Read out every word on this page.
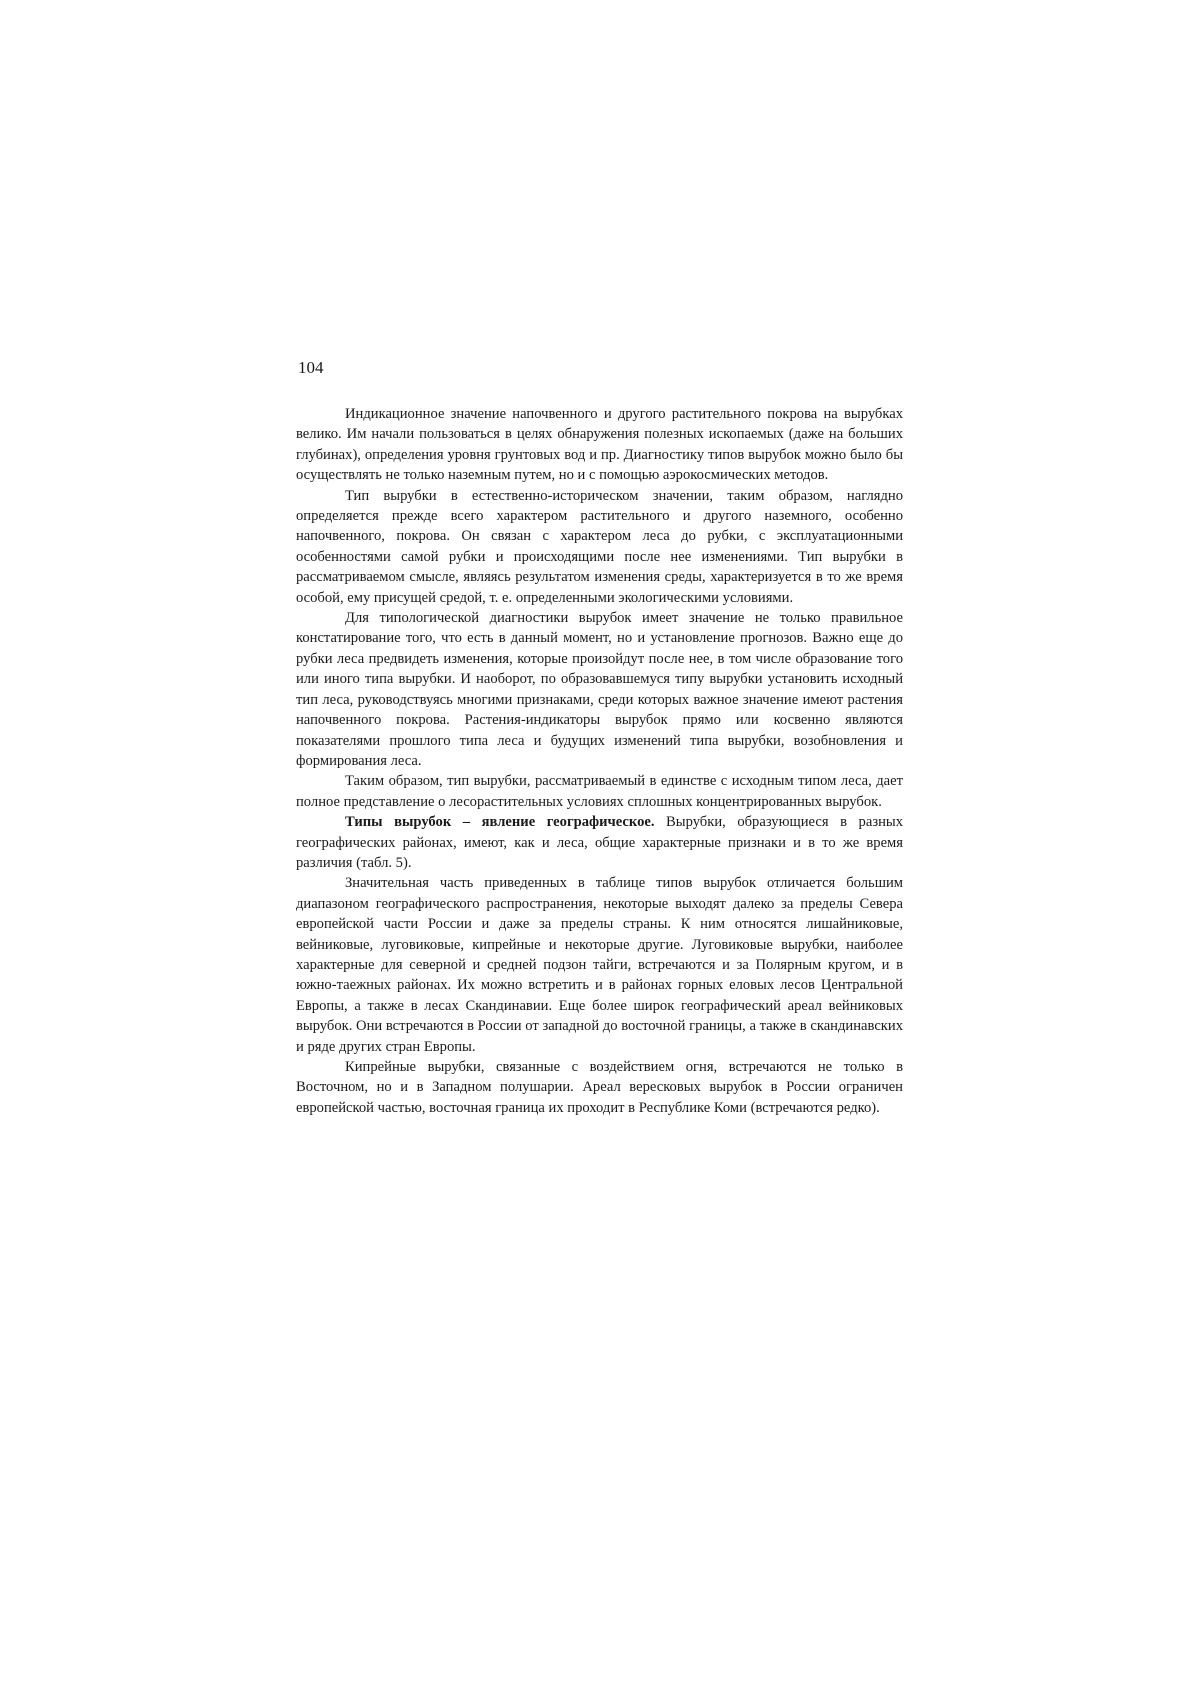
104

Индикационное значение напочвенного и другого растительного покрова на вырубках велико. Им начали пользоваться в целях обнаружения полезных ископаемых (даже на больших глубинах), определения уровня грунтовых вод и пр. Диагностику типов вырубок можно было бы осуществлять не только наземным путем, но и с помощью аэрокосмических методов.

Тип вырубки в естественно-историческом значении, таким образом, наглядно определяется прежде всего характером растительного и другого наземного, особенно напочвенного, покрова. Он связан с характером леса до рубки, с эксплуатационными особенностями самой рубки и происходящими после нее изменениями. Тип вырубки в рассматриваемом смысле, являясь результатом изменения среды, характеризуется в то же время особой, ему присущей средой, т. е. определенными экологическими условиями.

Для типологической диагностики вырубок имеет значение не только правильное констатирование того, что есть в данный момент, но и установление прогнозов. Важно еще до рубки леса предвидеть изменения, которые произойдут после нее, в том числе образование того или иного типа вырубки. И наоборот, по образовавшемуся типу вырубки установить исходный тип леса, руководствуясь многими признаками, среди которых важное значение имеют растения напочвенного покрова. Растения-индикаторы вырубок прямо или косвенно являются показателями прошлого типа леса и будущих изменений типа вырубки, возобновления и формирования леса.

Таким образом, тип вырубки, рассматриваемый в единстве с исходным типом леса, дает полное представление о лесорастительных условиях сплошных концентрированных вырубок.

Типы вырубок – явление географическое. Вырубки, образующиеся в разных географических районах, имеют, как и леса, общие характерные признаки и в то же время различия (табл. 5).

Значительная часть приведенных в таблице типов вырубок отличается большим диапазоном географического распространения, некоторые выходят далеко за пределы Севера европейской части России и даже за пределы страны. К ним относятся лишайниковые, вейниковые, луговиковые, кипрейные и некоторые другие. Луговиковые вырубки, наиболее характерные для северной и средней подзон тайги, встречаются и за Полярным кругом, и в южно-таежных районах. Их можно встретить и в районах горных еловых лесов Центральной Европы, а также в лесах Скандинавии. Еще более широк географический ареал вейниковых вырубок. Они встречаются в России от западной до восточной границы, а также в скандинавских и ряде других стран Европы.

Кипрейные вырубки, связанные с воздействием огня, встречаются не только в Восточном, но и в Западном полушарии. Ареал вересковых вырубок в России ограничен европейской частью, восточная граница их проходит в Республике Коми (встречаются редко).
